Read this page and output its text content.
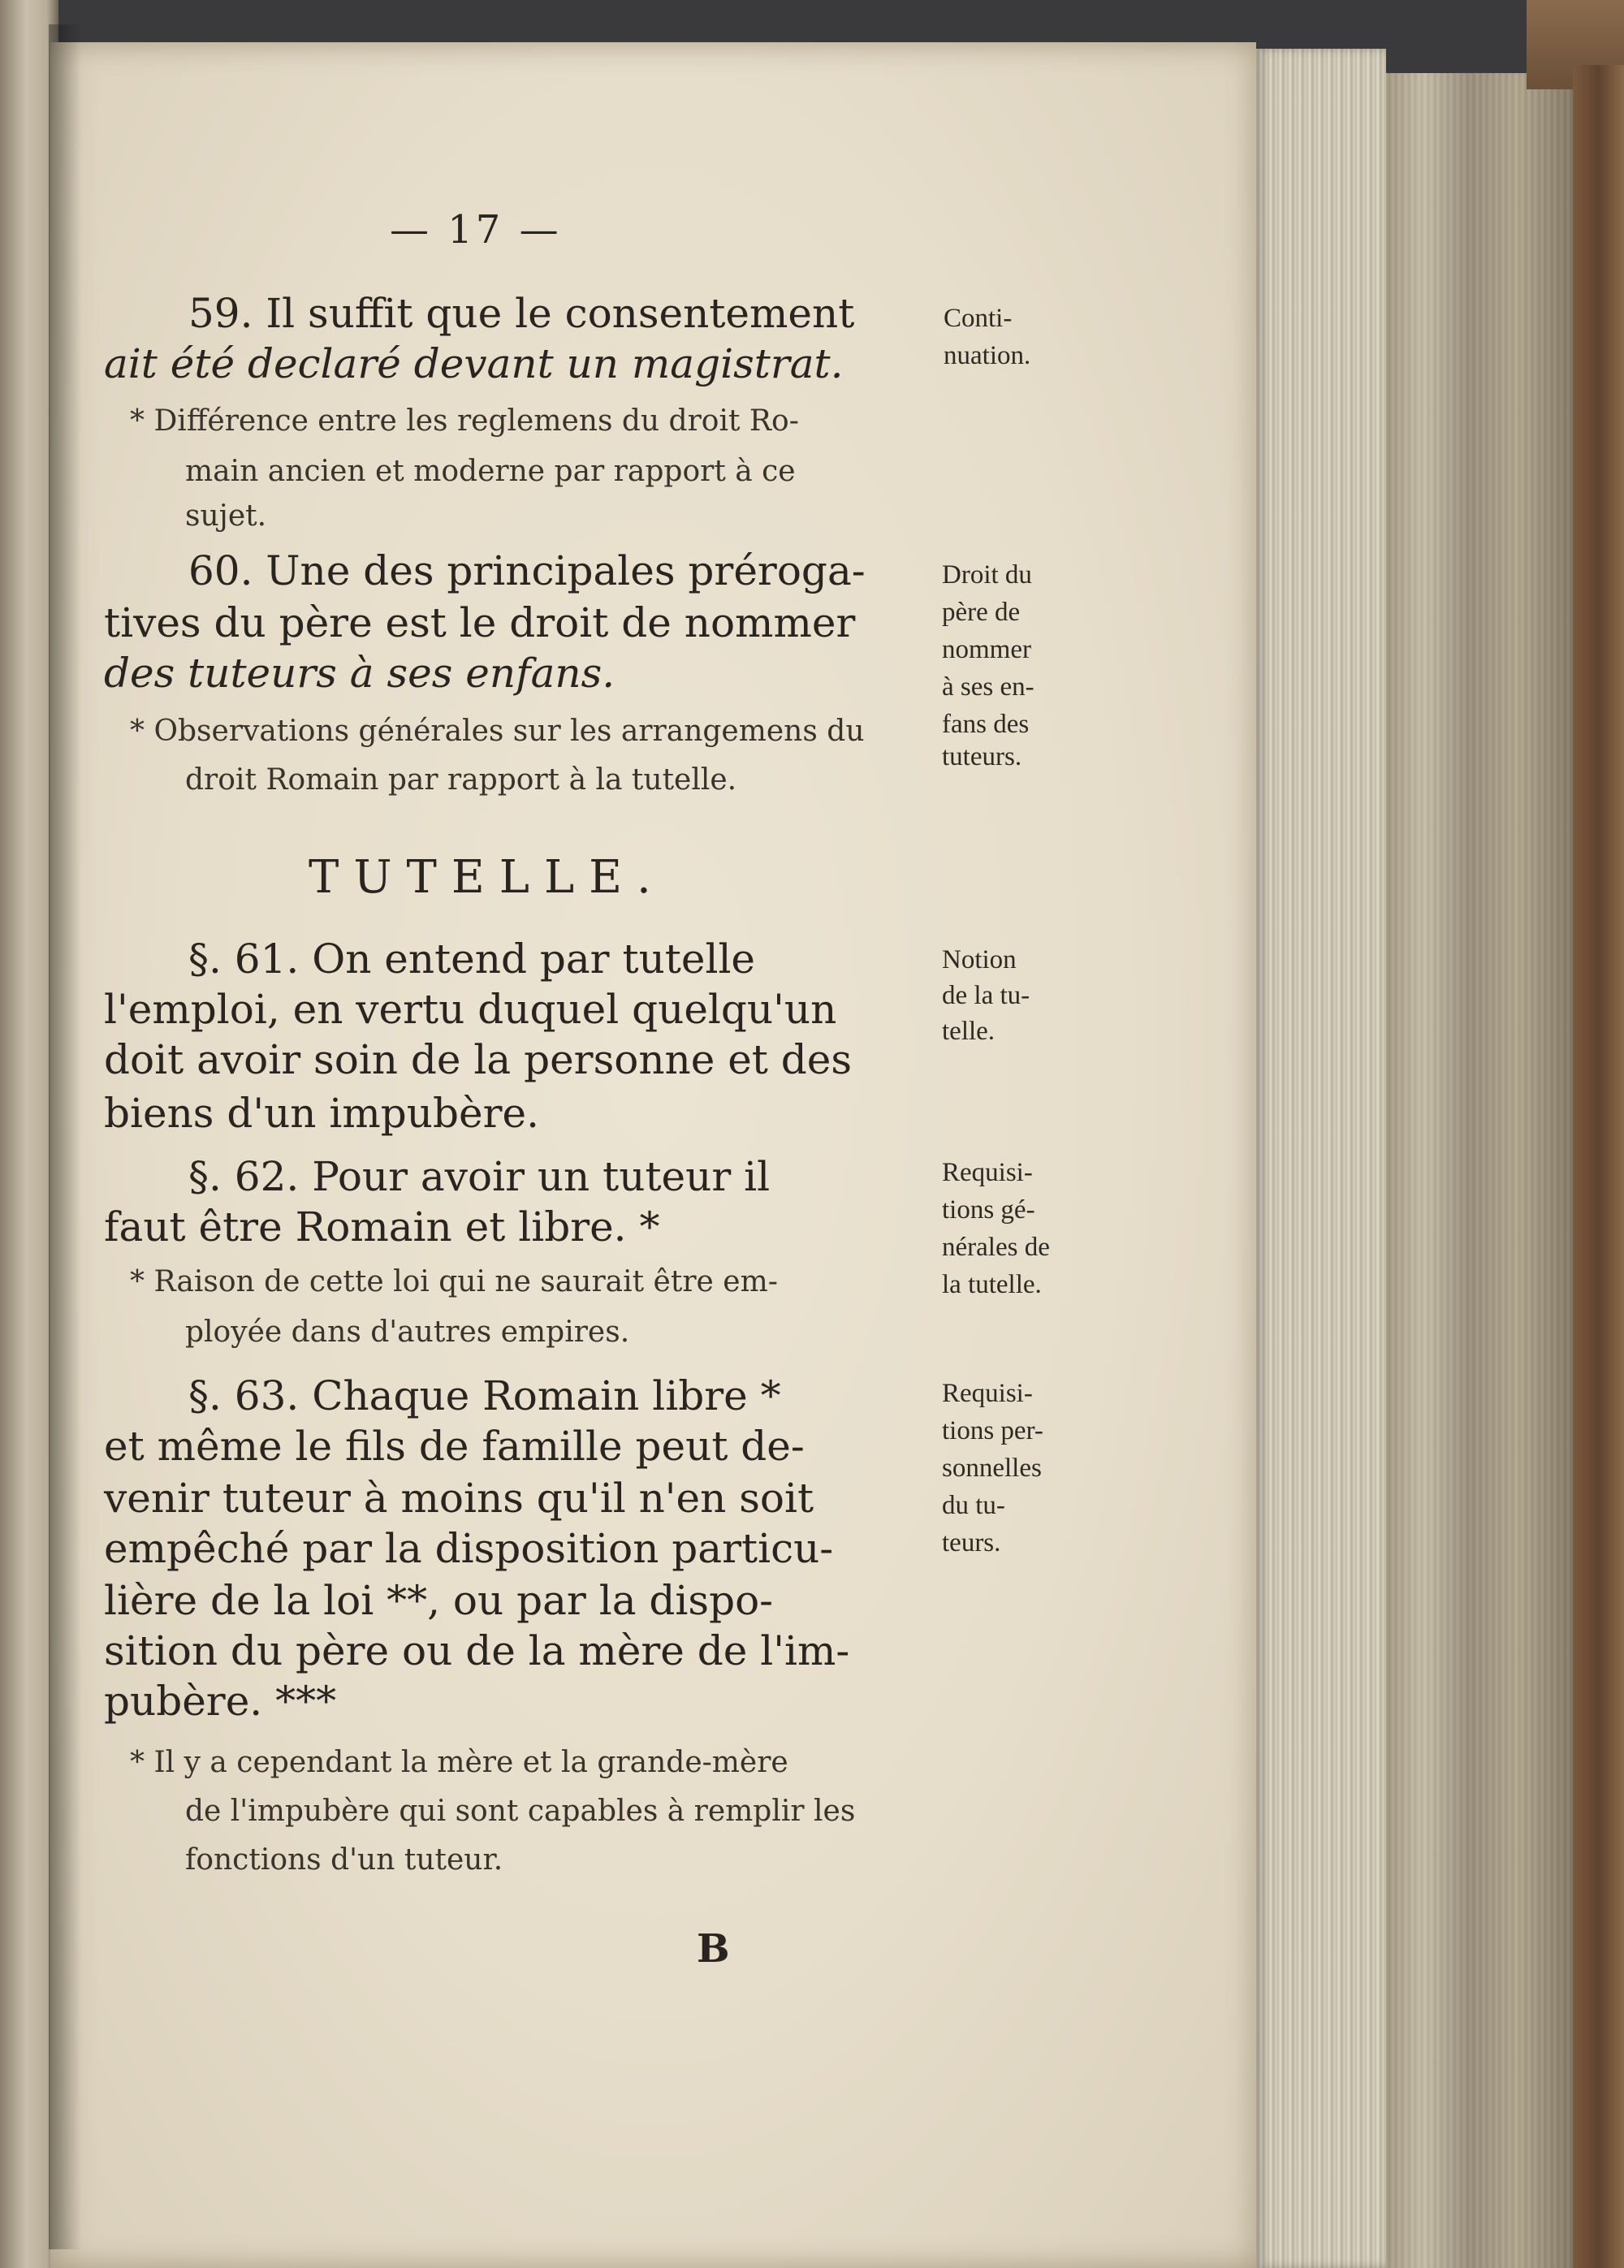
— 17 —
59. Il suffit que le consentement
ait été declaré devant un magistrat.
* Différence entre les reglemens du droit Ro-
main ancien et moderne par rapport à ce
sujet.
60. Une des principales préroga-
tives du père est le droit de nommer
des tuteurs à ses enfans.
* Observations générales sur les arrangemens du
droit Romain par rapport à la tutelle.
TUTELLE.
§. 61. On entend par tutelle
l'emploi, en vertu duquel quelqu'un
doit avoir soin de la personne et des
biens d'un impubère.
§. 62. Pour avoir un tuteur il
faut être Romain et libre. *
* Raison de cette loi qui ne saurait être em-
ployée dans d'autres empires.
§. 63. Chaque Romain libre *
et même le fils de famille peut de-
venir tuteur à moins qu'il n'en soit
empêché par la disposition particu-
lière de la loi **, ou par la dispo-
sition du père ou de la mère de l'im-
pubère. ***
* Il y a cependant la mère et la grande-mère
de l'impubère qui sont capables à remplir les
fonctions d'un tuteur.
B
Conti-
nuation.
Droit du
père de
nommer
à ses en-
fans des
tuteurs.
Notion
de la tu-
telle.
Requisi-
tions gé-
nérales de
la tutelle.
Requisi-
tions per-
sonnelles
du tu-
teurs.
